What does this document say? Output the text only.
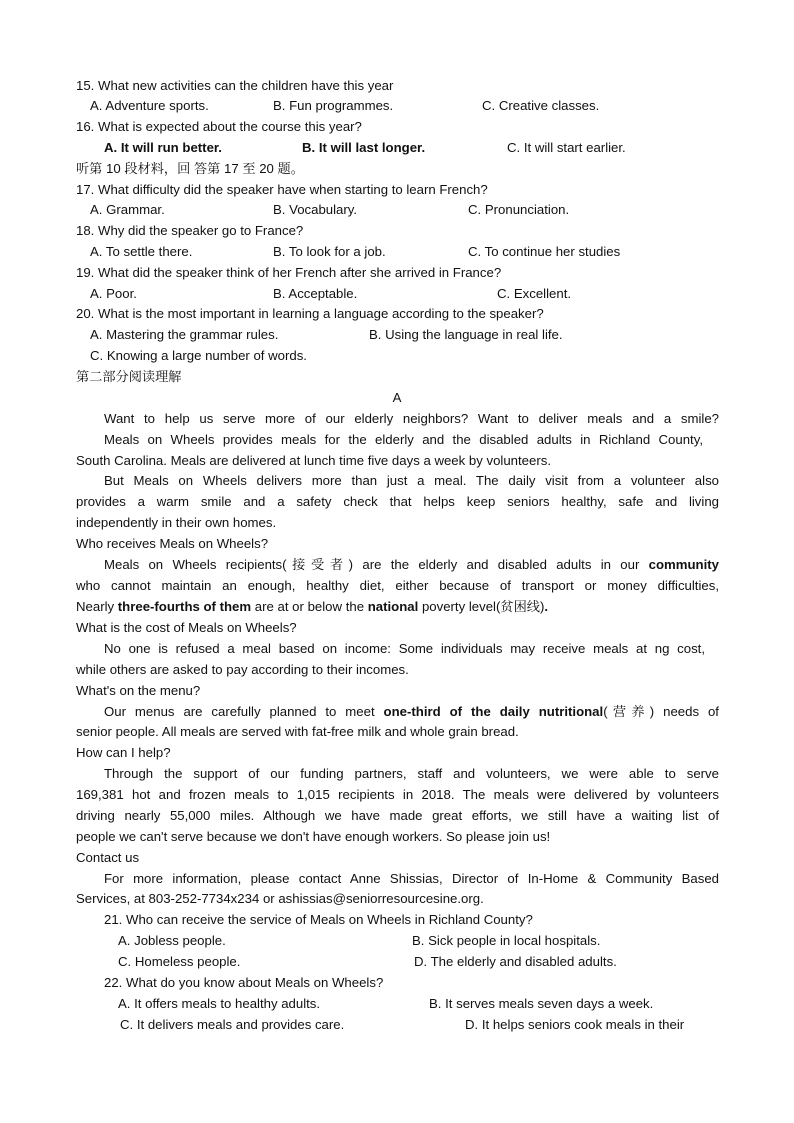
15. What new activities can the children have this year
A. Adventure sports.	B. Fun programmes.	C. Creative classes.
16. What is expected about the course this year?
A. It will run better.	B. It will last longer.	C. It will start earlier.
听第 10 段材料，回 答第 17 至 20 题。
17. What difficulty did the speaker have when starting to learn French?
A. Grammar.	B. Vocabulary.	C. Pronunciation.
18. Why did the speaker go to France?
A. To settle there.	B. To look for a job.	C. To continue her studies
19. What did the speaker think of her French after she arrived in France?
A. Poor.	B. Acceptable.	C. Excellent.
20. What is the most important in learning a language according to the speaker?
A. Mastering the grammar rules.	B. Using the language in real life.
C. Knowing a large number of words.
第二部分阅读理解
A
Want to help us serve more of our elderly neighbors? Want to deliver meals and a smile?
Meals on Wheels provides meals for the elderly and the disabled adults in Richland County,
South Carolina. Meals are delivered at lunch time five days a week by volunteers.
But Meals on Wheels delivers more than just a meal. The daily visit from a volunteer also
provides a warm smile and a safety check that helps keep seniors healthy, safe and living
independently in their own homes.
Who receives Meals on Wheels?
Meals on Wheels recipients(接受者) are the elderly and disabled adults in our community
who cannot maintain an enough, healthy diet, either because of transport or money difficulties,
Nearly three-fourths of them are at or below the national poverty level(贫困线).
What is the cost of Meals on Wheels?
No one is refused a meal based on income: Some individuals may receive meals at ng cost,
while others are asked to pay according to their incomes.
What's on the menu?
Our menus are carefully planned to meet one-third of the daily nutritional(营养) needs of
senior people. All meals are served with fat-free milk and whole grain bread.
How can I help?
Through the support of our funding partners, staff and volunteers, we were able to serve
169,381 hot and frozen meals to 1,015 recipients in 2018. The meals were delivered by volunteers
driving nearly 55,000 miles. Although we have made great efforts, we still have a waiting list of
people we can't serve because we don't have enough workers. So please join us!
Contact us
For more information, please contact Anne Shissias, Director of In-Home & Community Based
Services, at 803-252-7734x234 or ashissias@seniorresourcesine.org.
21. Who can receive the service of Meals on Wheels in Richland County?
A. Jobless people.	B. Sick people in local hospitals.
C. Homeless people.	D. The elderly and disabled adults.
22. What do you know about Meals on Wheels?
A. It offers meals to healthy adults.	B. It serves meals seven days a week.
C. It delivers meals and provides care.	D. It helps seniors cook meals in their
